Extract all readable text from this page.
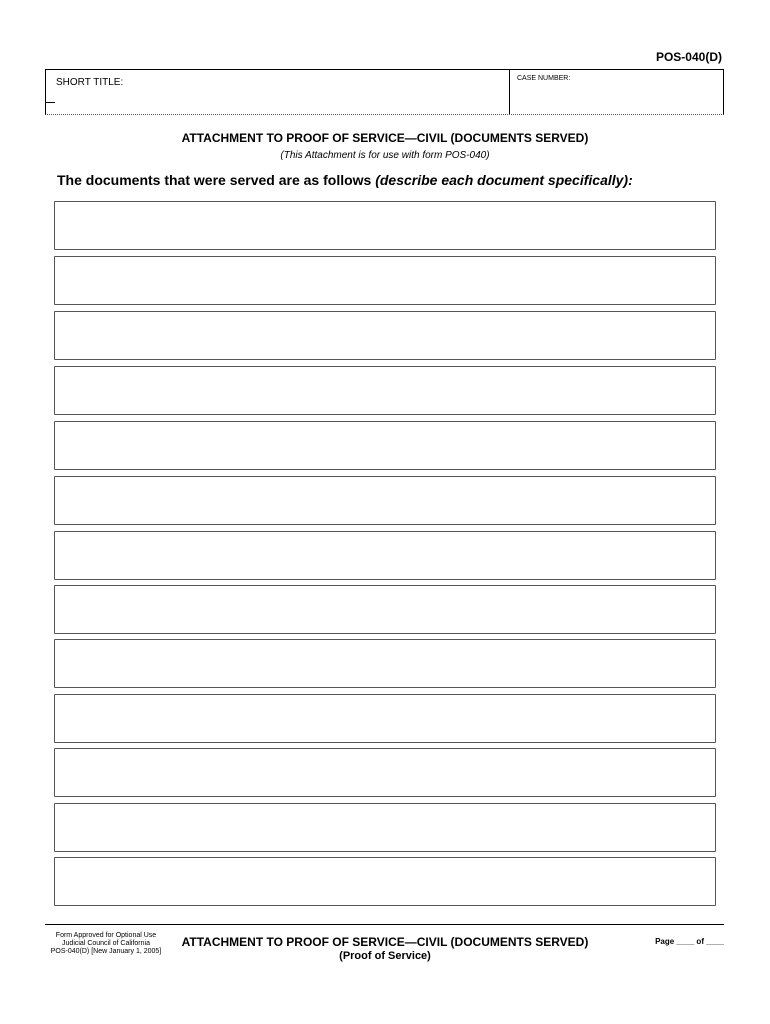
POS-040(D)
SHORT TITLE:	CASE NUMBER:
ATTACHMENT TO PROOF OF SERVICE—CIVIL (DOCUMENTS SERVED)
(This Attachment is for use with form POS-040)
The documents that were served are as follows (describe each document specifically):
Form Approved for Optional Use
Judicial Council of California
POS-040(D) [New January 1, 2005]
ATTACHMENT TO PROOF OF SERVICE—CIVIL (DOCUMENTS SERVED)
(Proof of Service)
Page ____ of ____
